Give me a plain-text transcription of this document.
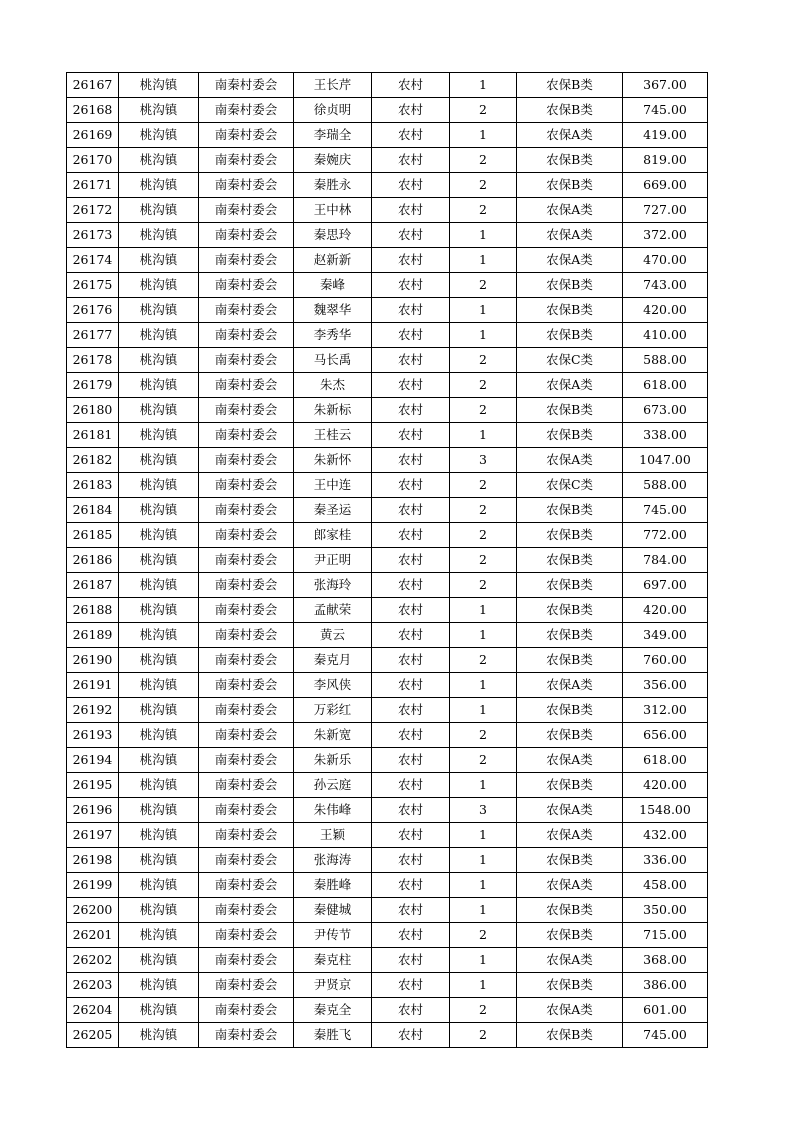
26167	桃沟镇	南秦村委会	王长芹	农村	1	农保B类	367.00
26168	桃沟镇	南秦村委会	徐贞明	农村	2	农保B类	745.00
26169	桃沟镇	南秦村委会	李瑞全	农村	1	农保A类	419.00
26170	桃沟镇	南秦村委会	秦婉庆	农村	2	农保B类	819.00
26171	桃沟镇	南秦村委会	秦胜永	农村	2	农保B类	669.00
26172	桃沟镇	南秦村委会	王中林	农村	2	农保A类	727.00
26173	桃沟镇	南秦村委会	秦思玲	农村	1	农保A类	372.00
26174	桃沟镇	南秦村委会	赵新新	农村	1	农保A类	470.00
26175	桃沟镇	南秦村委会	秦峰	农村	2	农保B类	743.00
26176	桃沟镇	南秦村委会	魏翠华	农村	1	农保B类	420.00
26177	桃沟镇	南秦村委会	李秀华	农村	1	农保B类	410.00
26178	桃沟镇	南秦村委会	马长禹	农村	2	农保C类	588.00
26179	桃沟镇	南秦村委会	朱杰	农村	2	农保A类	618.00
26180	桃沟镇	南秦村委会	朱新标	农村	2	农保B类	673.00
26181	桃沟镇	南秦村委会	王桂云	农村	1	农保B类	338.00
26182	桃沟镇	南秦村委会	朱新怀	农村	3	农保A类	1047.00
26183	桃沟镇	南秦村委会	王中连	农村	2	农保C类	588.00
26184	桃沟镇	南秦村委会	秦圣运	农村	2	农保B类	745.00
26185	桃沟镇	南秦村委会	郎家桂	农村	2	农保B类	772.00
26186	桃沟镇	南秦村委会	尹正明	农村	2	农保B类	784.00
26187	桃沟镇	南秦村委会	张海玲	农村	2	农保B类	697.00
26188	桃沟镇	南秦村委会	孟献荣	农村	1	农保B类	420.00
26189	桃沟镇	南秦村委会	黄云	农村	1	农保B类	349.00
26190	桃沟镇	南秦村委会	秦克月	农村	2	农保B类	760.00
26191	桃沟镇	南秦村委会	李风侠	农村	1	农保A类	356.00
26192	桃沟镇	南秦村委会	万彩红	农村	1	农保B类	312.00
26193	桃沟镇	南秦村委会	朱新宽	农村	2	农保B类	656.00
26194	桃沟镇	南秦村委会	朱新乐	农村	2	农保A类	618.00
26195	桃沟镇	南秦村委会	孙云庭	农村	1	农保B类	420.00
26196	桃沟镇	南秦村委会	朱伟峰	农村	3	农保A类	1548.00
26197	桃沟镇	南秦村委会	王颖	农村	1	农保A类	432.00
26198	桃沟镇	南秦村委会	张海涛	农村	1	农保B类	336.00
26199	桃沟镇	南秦村委会	秦胜峰	农村	1	农保A类	458.00
26200	桃沟镇	南秦村委会	秦健城	农村	1	农保B类	350.00
26201	桃沟镇	南秦村委会	尹传节	农村	2	农保B类	715.00
26202	桃沟镇	南秦村委会	秦克柱	农村	1	农保A类	368.00
26203	桃沟镇	南秦村委会	尹贤京	农村	1	农保B类	386.00
26204	桃沟镇	南秦村委会	秦克全	农村	2	农保A类	601.00
26205	桃沟镇	南秦村委会	秦胜飞	农村	2	农保B类	745.00
